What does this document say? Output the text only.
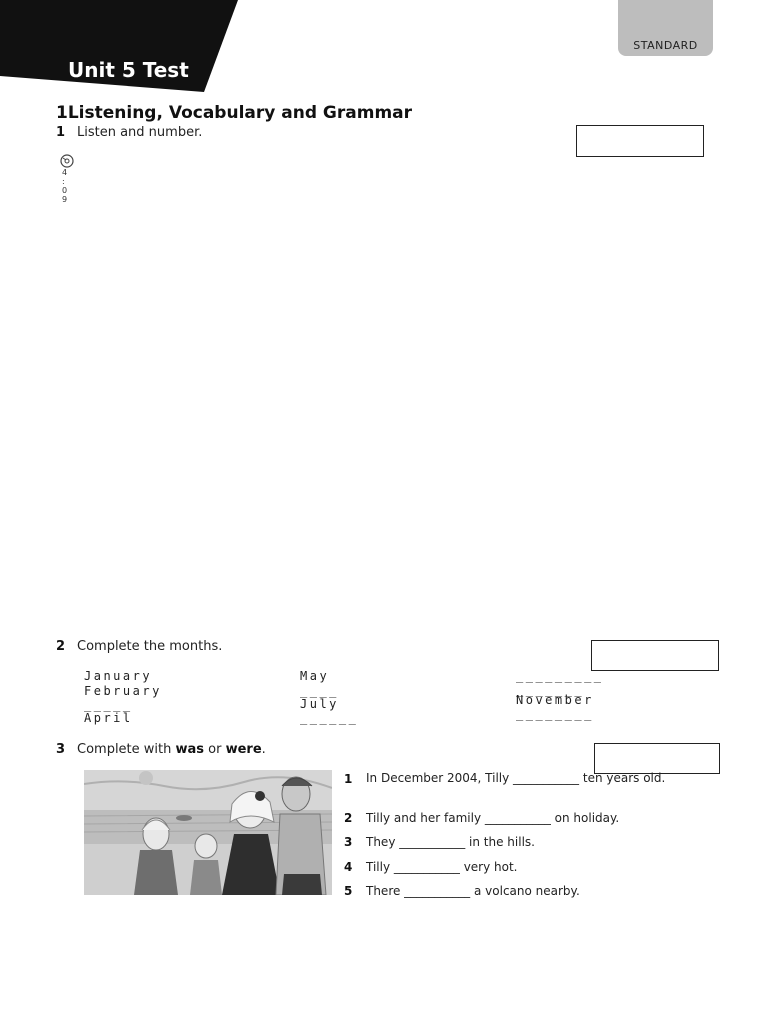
Unit 5 Test
STANDARD
1Listening, Vocabulary and Grammar
1 Listen and number.
4
:
0
9
2 Complete the months.
January
February
_____
April
May
____
July
______
_________
_______
November
________
3 Complete with was or were.
1 In December 2004, Tilly ___________ ten years old.
2 Tilly and her family ___________ on holiday.
3 They ___________ in the hills.
4 Tilly ___________ very hot.
5 There ___________ a volcano nearby.
